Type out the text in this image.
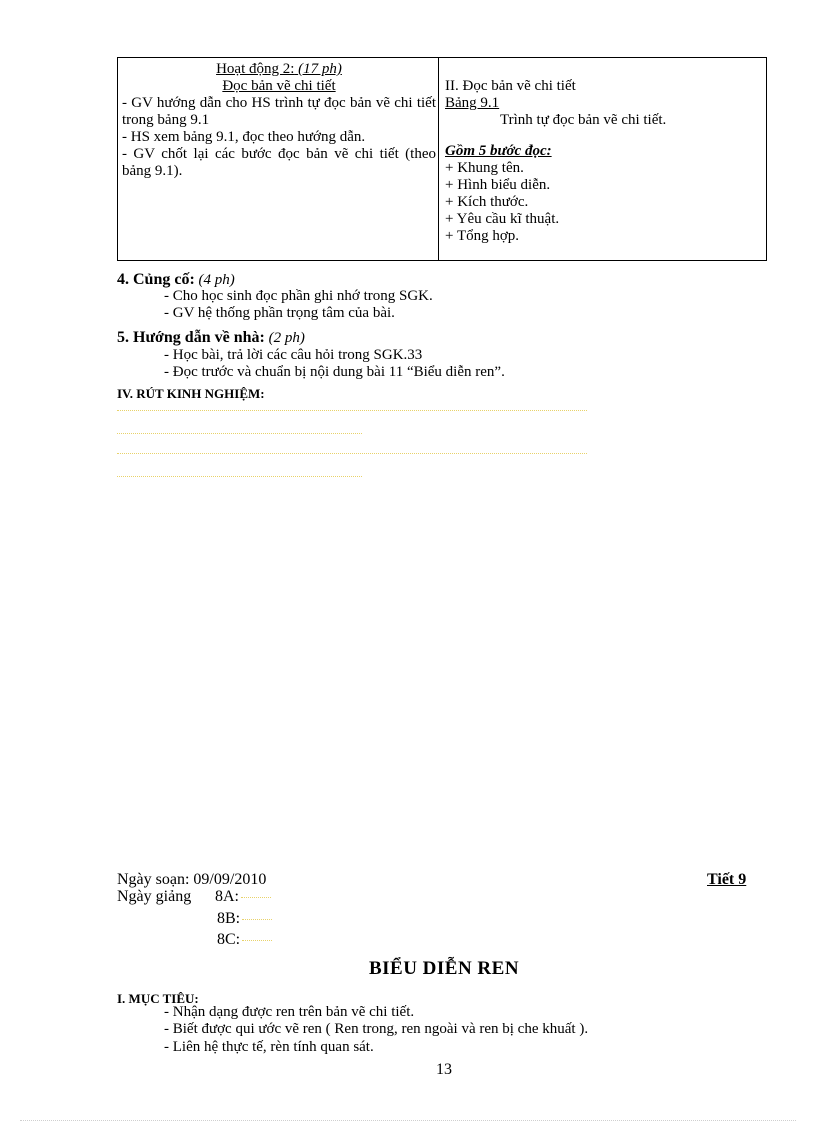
Hoạt động 2: (17 ph)
Đọc bản vẽ chi tiết
- GV hướng dẫn cho HS trình tự đọc bản vẽ chi tiết trong bảng 9.1
- HS xem bảng 9.1, đọc theo hướng dẫn.
- GV chốt lại các bước đọc bản vẽ chi tiết (theo bảng 9.1).
II. Đọc bản vẽ chi tiết
Bảng 9.1
Trình tự đọc bản vẽ chi tiết.
Gồm 5 bước đọc:
+ Khung tên.
+ Hình biểu diễn.
+ Kích thước.
+ Yêu cầu kĩ thuật.
+ Tổng hợp.
4. Củng cố: (4 ph)
- Cho học sinh đọc phần ghi nhớ trong SGK.
- GV hệ thống phần trọng tâm của bài.
5. Hướng dẫn về nhà: (2 ph)
- Học bài, trả lời các câu hỏi trong SGK.33
- Đọc trước và chuẩn bị nội dung bài 11 “Biểu diễn ren”.
IV. RÚT KINH NGHIỆM:
Ngày soạn: 09/09/2010	Tiết 9
Ngày giảng 8A:
8B:
8C:
BIỂU DIỄN REN
I. MỤC TIÊU:
- Nhận dạng được ren trên bản vẽ chi tiết.
- Biết được qui ước vẽ ren ( Ren trong, ren ngoài và ren bị che khuất ).
- Liên hệ thực tế, rèn tính quan sát.
13
